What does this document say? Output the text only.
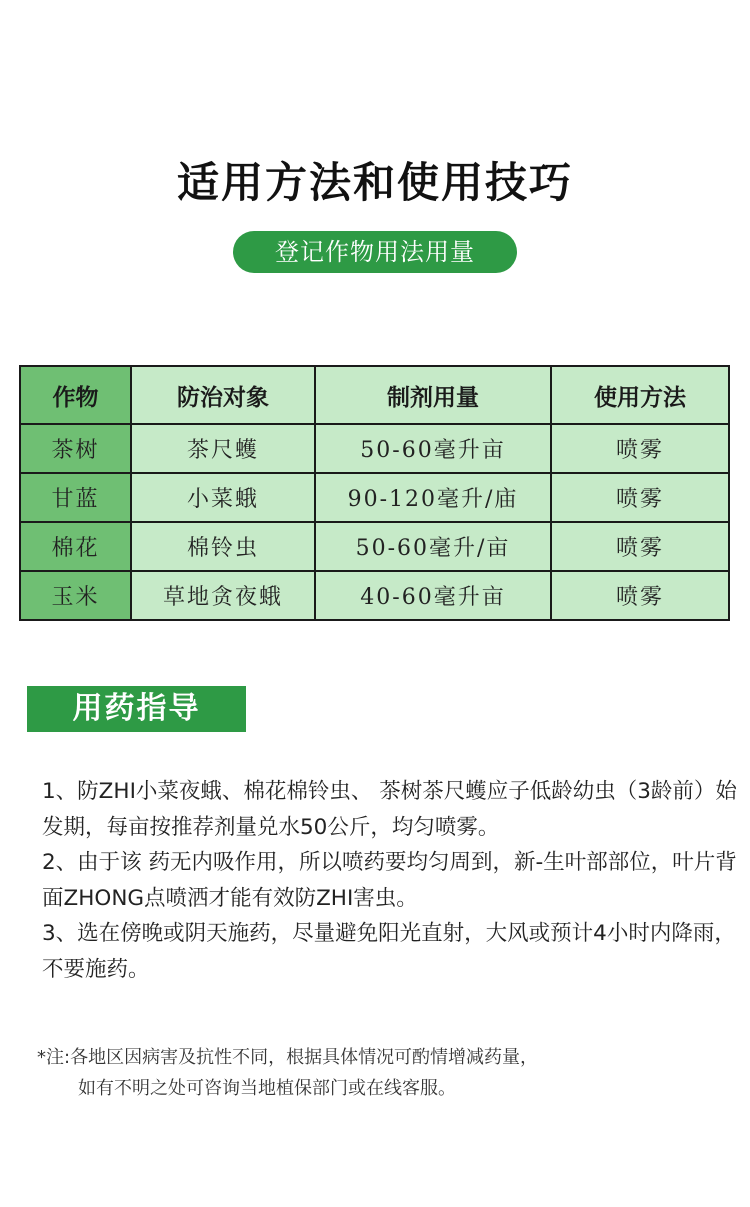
适用方法和使用技巧
登记作物用法用量
作物	防治对象	制剂用量	使用方法
茶树	茶尺蠖	50-60毫升亩	喷雾
甘蓝	小菜蛾	90-120毫升/庙	喷雾
棉花	棉铃虫	50-60毫升/亩	喷雾
玉米	草地贪夜蛾	40-60毫升亩	喷雾
用药指导

1、防ZHI小菜夜蛾、棉花棉铃虫、 茶树茶尺蠖应子低龄幼虫（3龄前）始发期，每亩按推荐剂量兑水50公斤，均匀喷雾。

2、由于该 药无内吸作用，所以喷药要均匀周到，新-生叶部部位，叶片背面ZHONG点喷洒才能有效防ZHI害虫。

3、选在傍晚或阴天施药，尽量避免阳光直射，大风或预计4小时内降雨，不要施药。

*注:各地区因病害及抗性不同，根据具体情况可酌情增减药量，
如有不明之处可咨询当地植保部门或在线客服。
